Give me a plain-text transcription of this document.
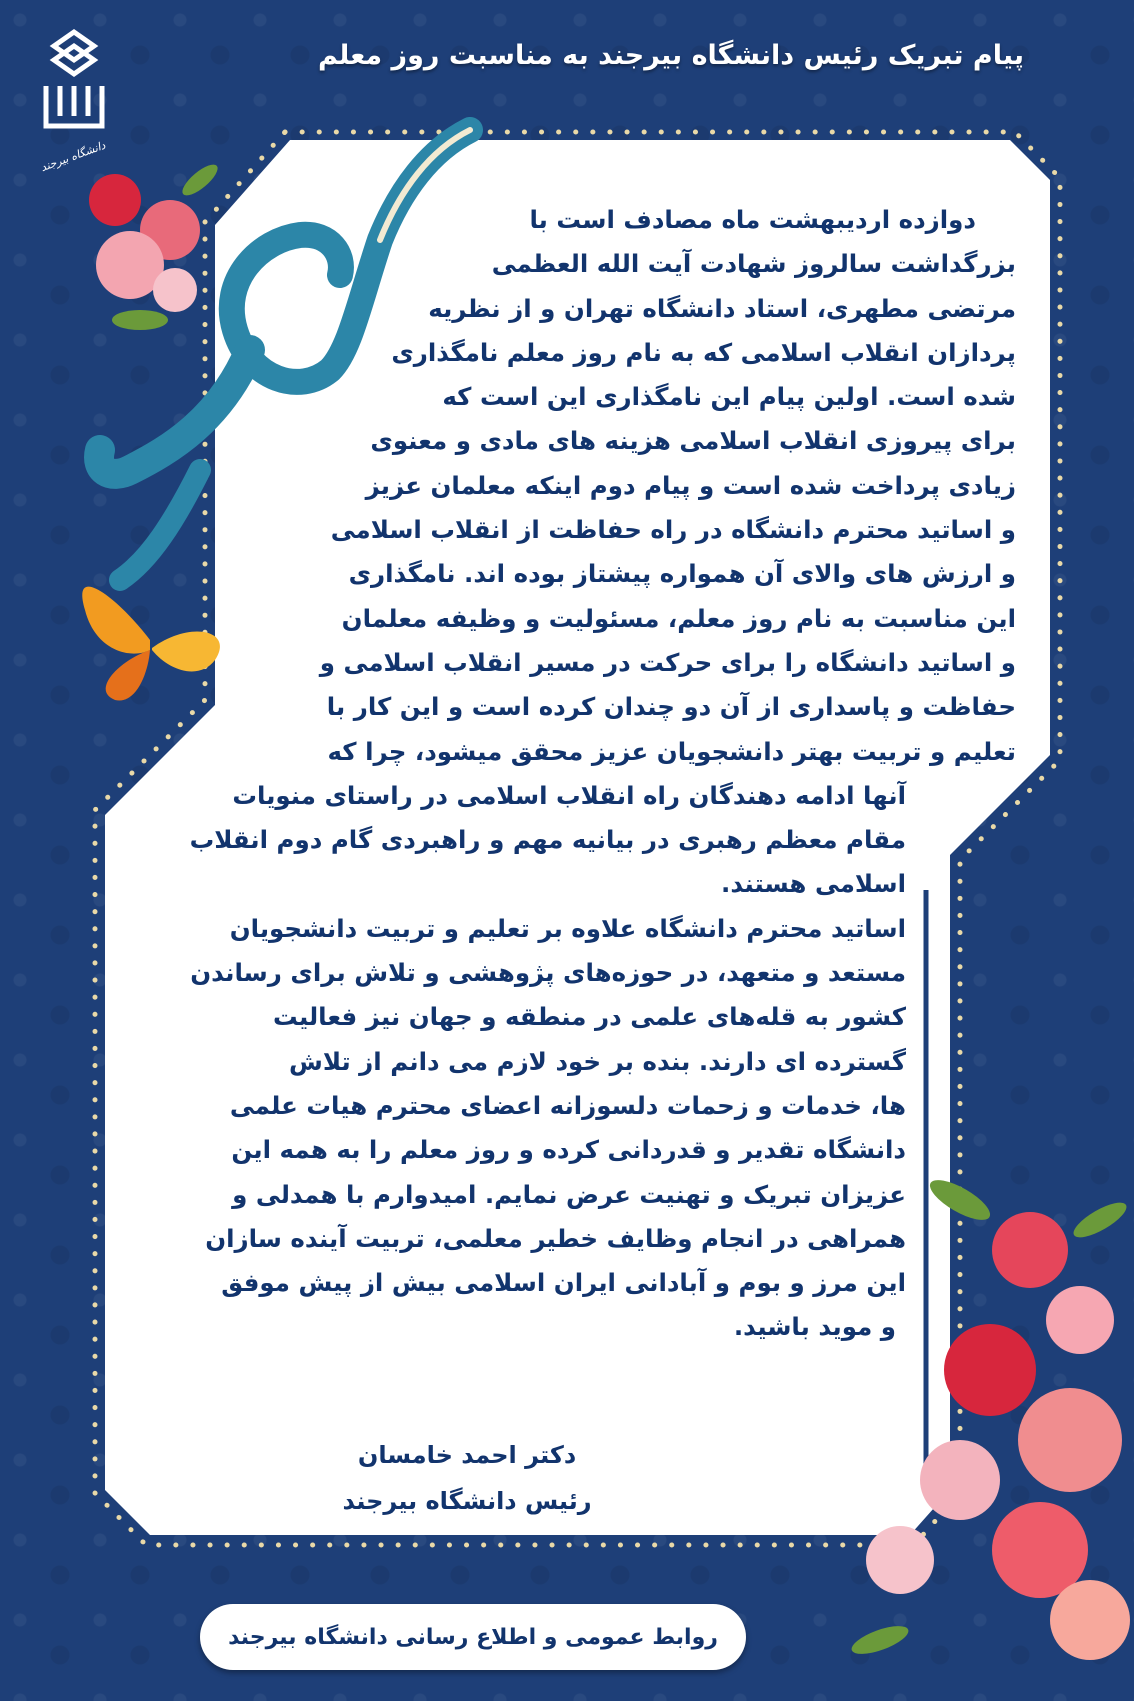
دانشگاه بیرجند
پیام تبریک رئیس دانشگاه بیرجند به مناسبت روز معلم
دوازده اردیبهشت ماه مصادف است با
بزرگداشت سالروز شهادت آیت الله العظمی
مرتضی مطهری، استاد دانشگاه تهران و از نظریه
پردازان انقلاب اسلامی که به نام روز معلم نامگذاری
شده است. اولین پیام این نامگذاری این است که
برای پیروزی انقلاب اسلامی هزینه های مادی و معنوی
زیادی پرداخت شده است و پیام دوم اینکه معلمان عزیز
و اساتید محترم دانشگاه در راه حفاظت از انقلاب اسلامی
و ارزش های والای آن همواره پیشتاز بوده اند. نامگذاری
این مناسبت به نام روز معلم، مسئولیت و وظیفه معلمان
و اساتید دانشگاه را برای حرکت در مسیر انقلاب اسلامی و
حفاظت و پاسداری از آن دو چندان کرده است و این کار با
تعلیم و تربیت بهتر دانشجویان عزیز محقق میشود، چرا که
آنها ادامه دهندگان راه انقلاب اسلامی در راستای منویات
مقام معظم رهبری در بیانیه مهم و راهبردی گام دوم انقلاب
اسلامی هستند.
اساتید محترم دانشگاه علاوه بر تعلیم و تربیت دانشجویان
مستعد و متعهد، در حوزه‌های پژوهشی و تلاش برای رساندن
کشور به قله‌های علمی در منطقه و جهان نیز فعالیت
گسترده ای دارند. بنده بر خود لازم می دانم از تلاش
ها، خدمات و زحمات دلسوزانه اعضای محترم هیات علمی
دانشگاه تقدیر و قدردانی کرده و روز معلم را به همه این
عزیزان تبریک و تهنیت عرض نمایم. امیدوارم با همدلی و
همراهی در انجام وظایف خطیر معلمی، تربیت آینده سازان
این مرز و بوم و آبادانی ایران اسلامی بیش از پیش موفق
و موید باشید.
دکتر احمد خامسان
رئیس دانشگاه بیرجند
روابط عمومی و اطلاع رسانی دانشگاه بیرجند
